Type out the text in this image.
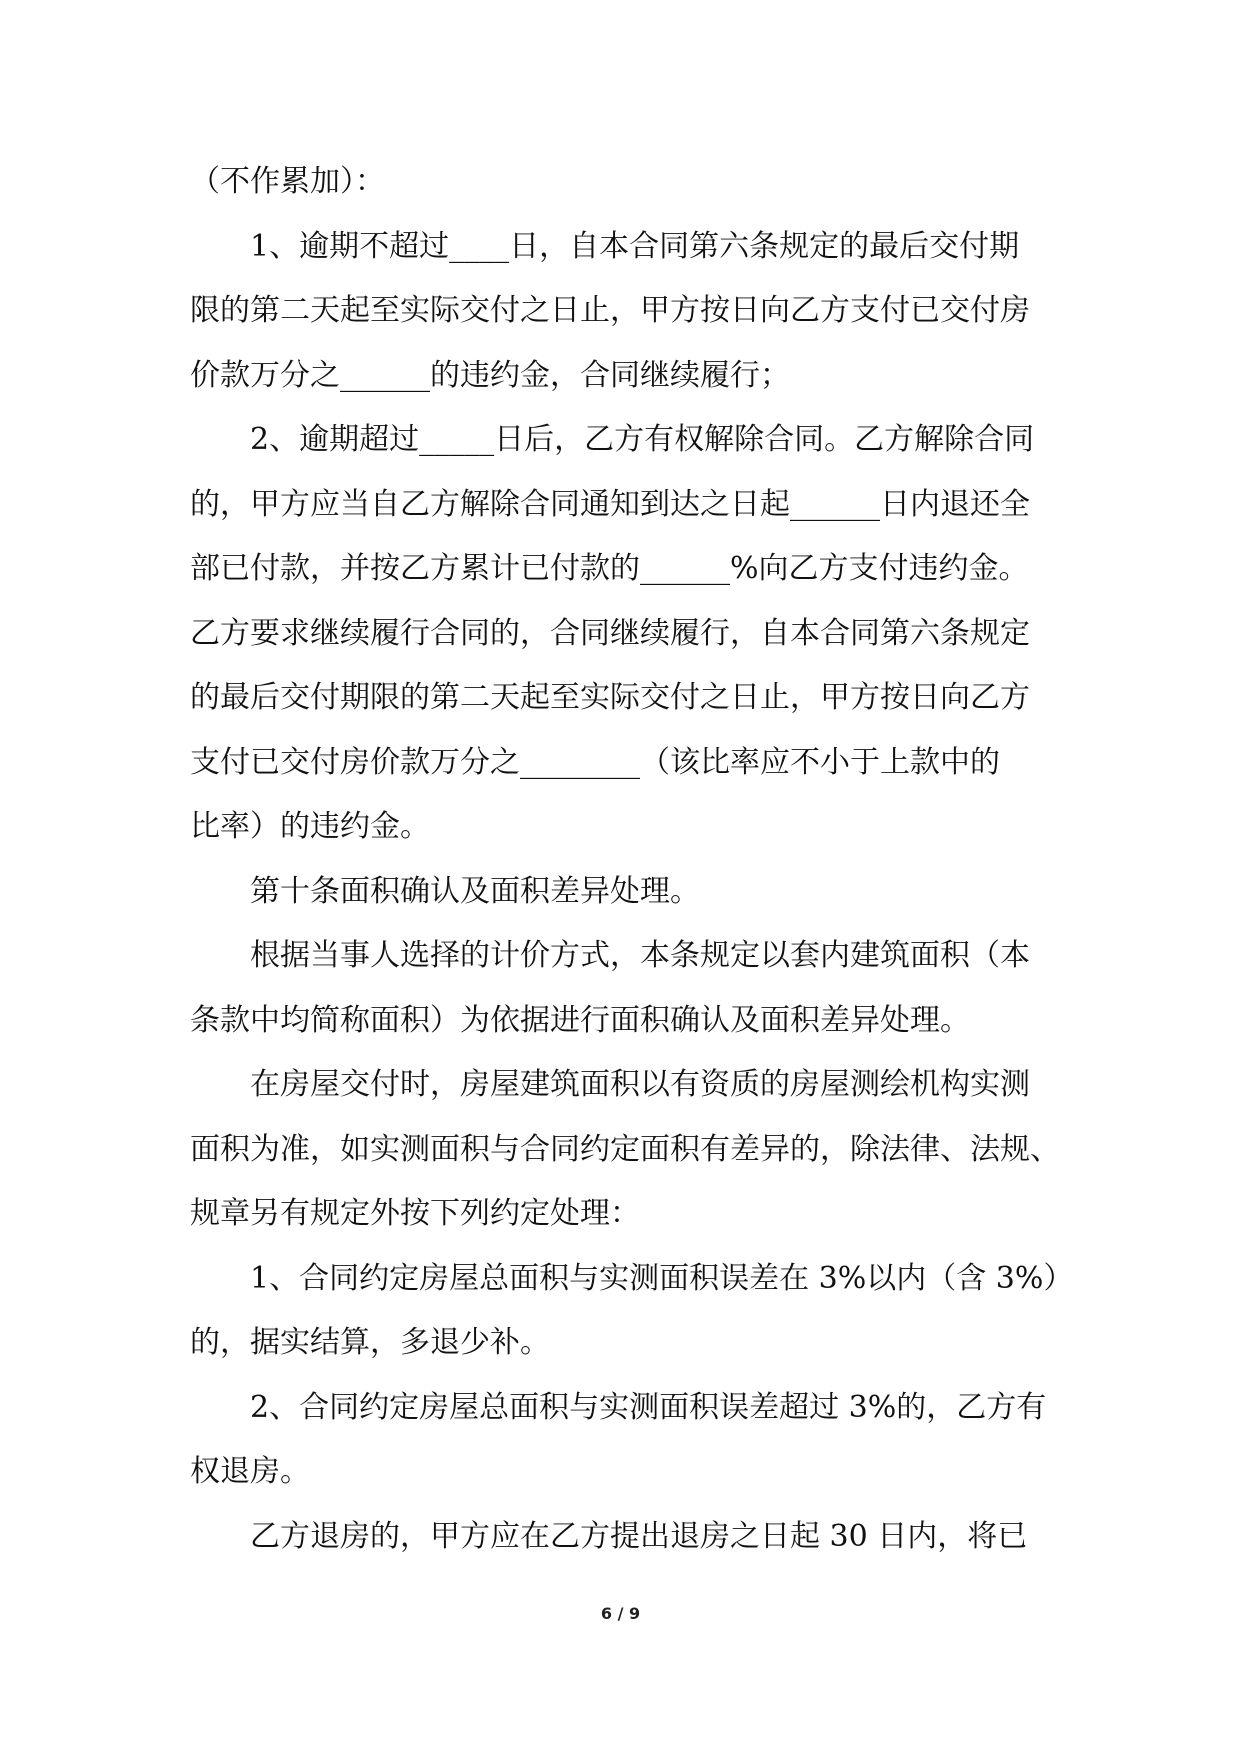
（不作累加）：
1、逾期不超过____日，自本合同第六条规定的最后交付期
限的第二天起至实际交付之日止，甲方按日向乙方支付已交付房
价款万分之______的违约金，合同继续履行；
2、逾期超过_____日后，乙方有权解除合同。乙方解除合同
的，甲方应当自乙方解除合同通知到达之日起______日内退还全
部已付款，并按乙方累计已付款的______%向乙方支付违约金。
乙方要求继续履行合同的，合同继续履行，自本合同第六条规定
的最后交付期限的第二天起至实际交付之日止，甲方按日向乙方
支付已交付房价款万分之________（该比率应不小于上款中的
比率）的违约金。
第十条面积确认及面积差异处理。
根据当事人选择的计价方式，本条规定以套内建筑面积（本
条款中均简称面积）为依据进行面积确认及面积差异处理。
在房屋交付时，房屋建筑面积以有资质的房屋测绘机构实测
面积为准，如实测面积与合同约定面积有差异的，除法律、法规、
规章另有规定外按下列约定处理：
1、合同约定房屋总面积与实测面积误差在 3%以内（含 3%）
的，据实结算，多退少补。
2、合同约定房屋总面积与实测面积误差超过 3%的，乙方有
权退房。
乙方退房的，甲方应在乙方提出退房之日起 30 日内，将已
6 / 9
